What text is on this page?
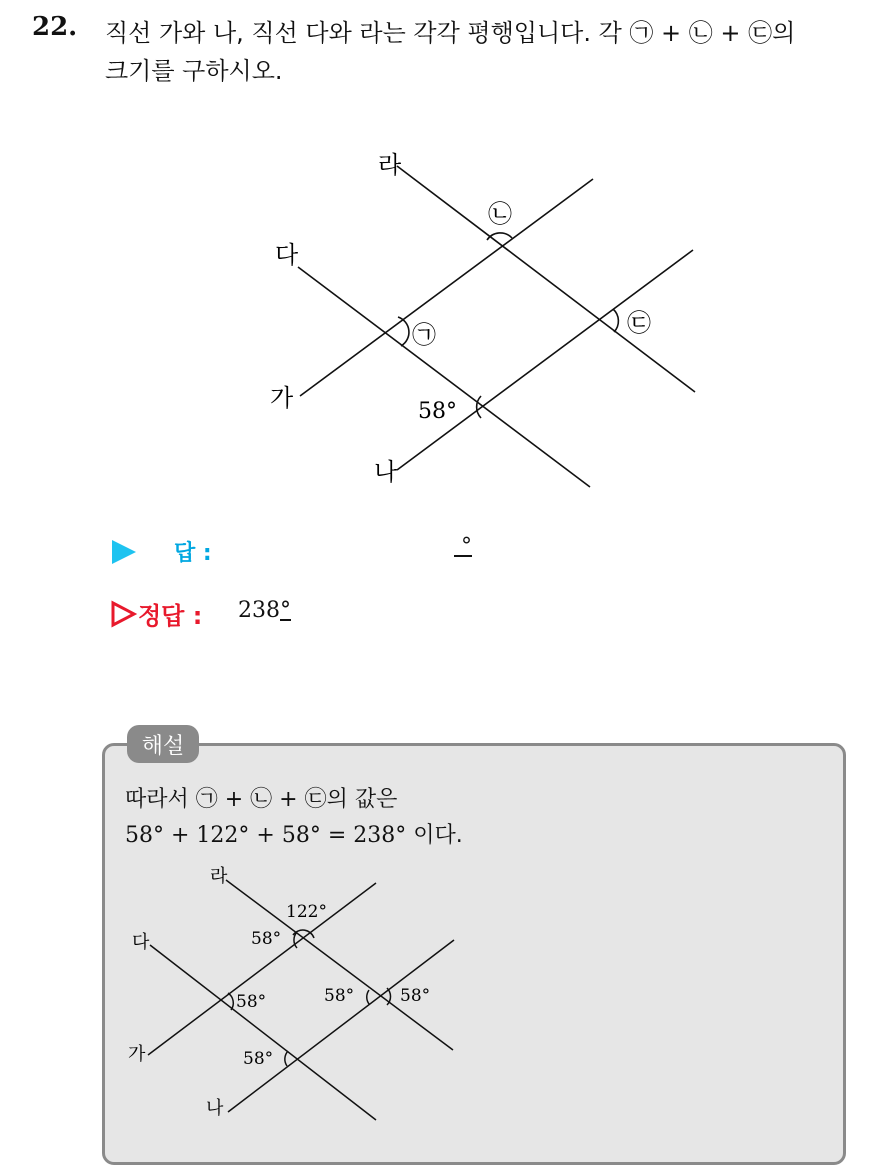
22. 직선 가와 나, 직선 다와 라는 각각 평행입니다. 각 ㉠ + ㉡ + ㉢의
크기를 구하시오.
라
다
가
나
㉠
㉡
㉢
58°
답 :	°
정답 : 238°
해설
따라서 ㉠ + ㉡ + ㉢의 값은
58° + 122° + 58° = 238° 이다.
라
다
가
나
122°
58°
58°	58°	58°
58°
